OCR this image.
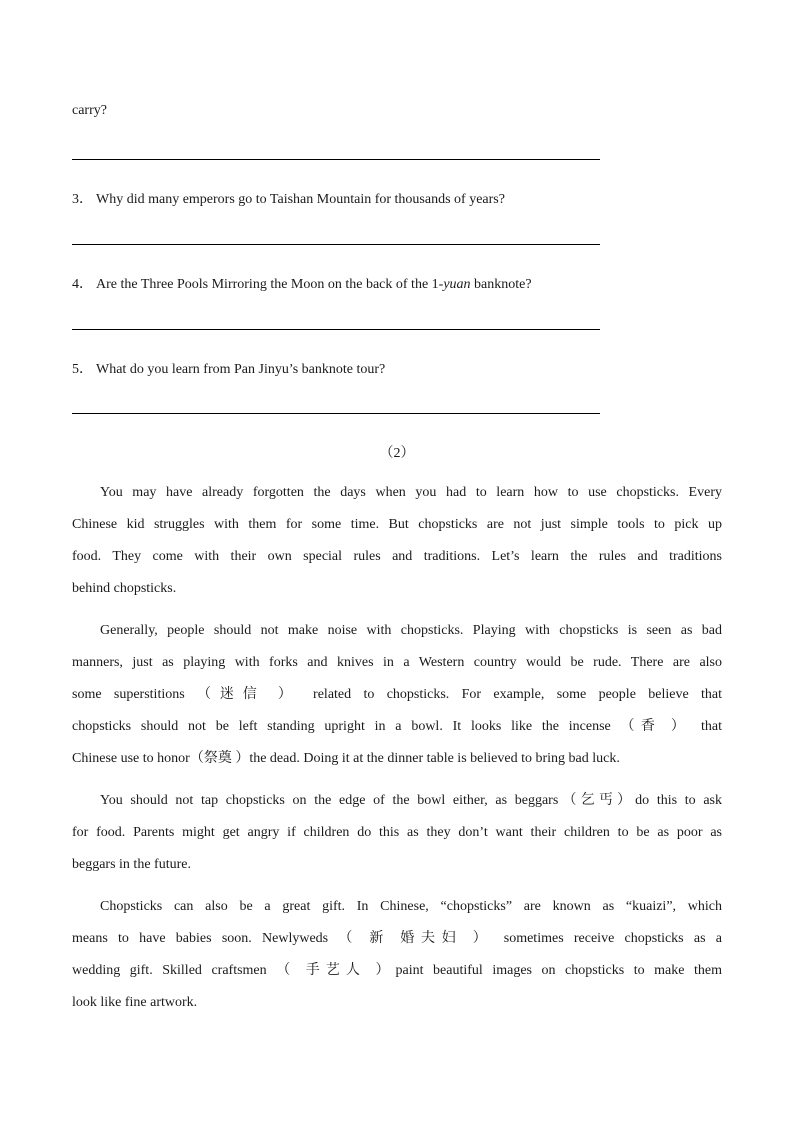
carry?
3． Why did many emperors go to Taishan Mountain for thousands of years?
4． Are the Three Pools Mirroring the Moon on the back of the 1-yuan banknote?
5． What do you learn from Pan Jinyu’s banknote tour?
（2）
You may have already forgotten the days when you had to learn how to use chopsticks. Every
Chinese kid struggles with them for some time. But chopsticks are not just simple tools to pick up
food. They come with their own special rules and traditions. Let’s learn the rules and traditions
behind chopsticks.
Generally, people should not make noise with chopsticks. Playing with chopsticks is seen as bad
manners, just as playing with forks and knives in a Western country would be rude. There are also
some superstitions （迷信 ） related to chopsticks. For example, some people believe that
chopsticks should not be left standing upright in a bowl. It looks like the incense （香 ） that
Chinese use to honor（祭奠 ）the dead. Doing it at the dinner table is believed to bring bad luck.
You should not tap chopsticks on the edge of the bowl either, as beggars（乞丐）do this to ask
for food. Parents might get angry if children do this as they don’t want their children to be as poor as
beggars in the future.
Chopsticks can also be a great gift. In Chinese, “chopsticks” are known as “kuaizi”, which
means to have babies soon. Newlyweds （ 新 婚夫妇 ） sometimes receive chopsticks as a
wedding gift. Skilled craftsmen （ 手艺人 ）paint beautiful images on chopsticks to make them
look like fine artwork.
